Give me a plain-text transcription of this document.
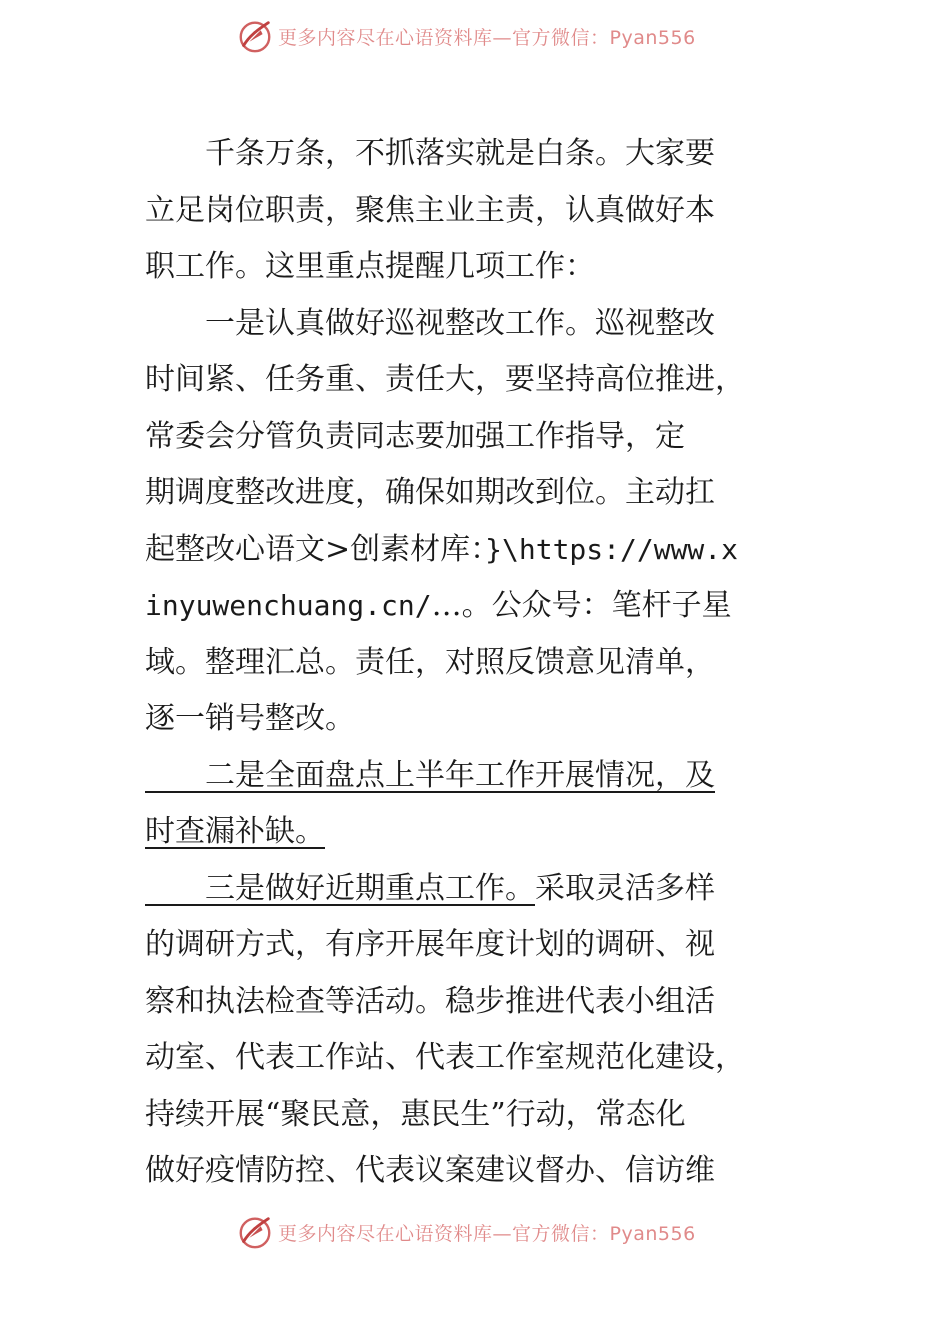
更多内容尽在心语资料库—官方微信：Pyan556
　　千条万条，不抓落实就是白条。大家要
立足岗位职责，聚焦主业主责，认真做好本
职工作。这里重点提醒几项工作：
　　一是认真做好巡视整改工作。巡视整改
时间紧、任务重、责任大，要坚持高位推进，
常委会分管负责同志要加强工作指导，定
期调度整改进度，确保如期改到位。主动扛
起整改心语文>创素材库：}\https://www.x
inyuwenchuang.cn/…。公众号：笔杆子星
域。整理汇总。责任，对照反馈意见清单，
逐一销号整改。
　　二是全面盘点上半年工作开展情况，及
时查漏补缺。
　　三是做好近期重点工作。采取灵活多样
的调研方式，有序开展年度计划的调研、视
察和执法检查等活动。稳步推进代表小组活
动室、代表工作站、代表工作室规范化建设，
持续开展“聚民意，惠民生”行动，常态化
做好疫情防控、代表议案建议督办、信访维
更多内容尽在心语资料库—官方微信：Pyan556
